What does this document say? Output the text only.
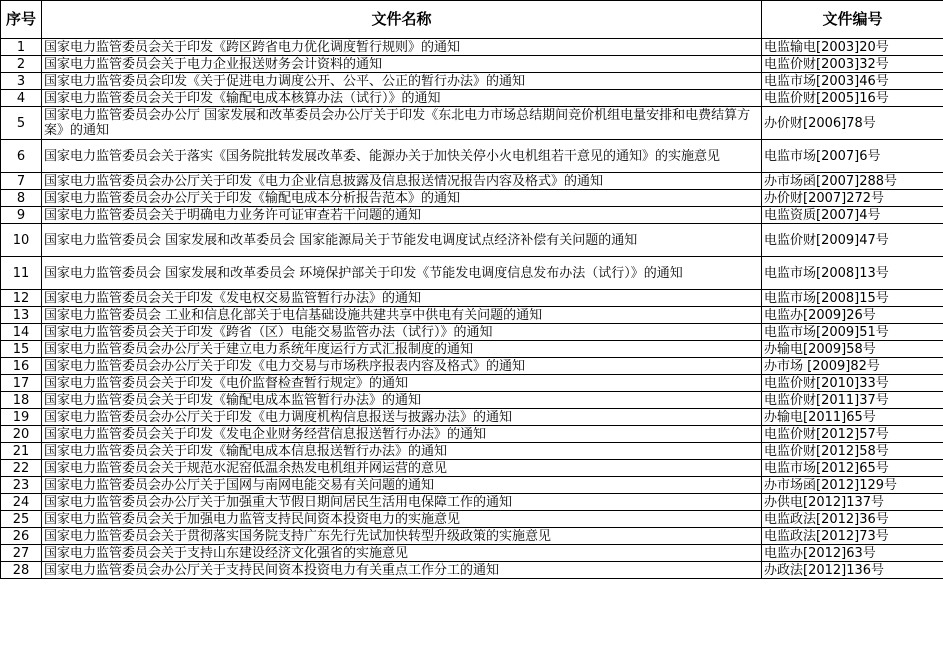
序号	文件名称	文件编号
1	国家电力监管委员会关于印发《跨区跨省电力优化调度暂行规则》的通知	电监输电[2003]20号
2	国家电力监管委员会关于电力企业报送财务会计资料的通知	电监价财[2003]32号
3	国家电力监管委员会印发《关于促进电力调度公开、公平、公正的暂行办法》的通知	电监市场[2003]46号
4	国家电力监管委员会关于印发《输配电成本核算办法（试行）》的通知	电监价财[2005]16号
5	国家电力监管委员会办公厅 国家发展和改革委员会办公厅关于印发《东北电力市场总结期间竞价机组电量安排和电费结算方案》的通知	办价财[2006]78号
6	国家电力监管委员会关于落实《国务院批转发展改革委、能源办关于加快关停小火电机组若干意见的通知》的实施意见	电监市场[2007]6号
7	国家电力监管委员会办公厅关于印发《电力企业信息披露及信息报送情况报告内容及格式》的通知	办市场函[2007]288号
8	国家电力监管委员会办公厅关于印发《输配电成本分析报告范本》的通知	办价财[2007]272号
9	国家电力监管委员会关于明确电力业务许可证审查若干问题的通知	电监资质[2007]4号
10	国家电力监管委员会 国家发展和改革委员会 国家能源局关于节能发电调度试点经济补偿有关问题的通知	电监价财[2009]47号
11	国家电力监管委员会 国家发展和改革委员会 环境保护部关于印发《节能发电调度信息发布办法（试行）》的通知	电监市场[2008]13号
12	国家电力监管委员会关于印发《发电权交易监管暂行办法》的通知	电监市场[2008]15号
13	国家电力监管委员会 工业和信息化部关于电信基础设施共建共享中供电有关问题的通知	电监办[2009]26号
14	国家电力监管委员会关于印发《跨省（区）电能交易监管办法（试行）》的通知	电监市场[2009]51号
15	国家电力监管委员会办公厅关于建立电力系统年度运行方式汇报制度的通知	办输电[2009]58号
16	国家电力监管委员会办公厅关于印发《电力交易与市场秩序报表内容及格式》的通知	办市场 [2009]82号
17	国家电力监管委员会关于印发《电价监督检查暂行规定》的通知	电监价财[2010]33号
18	国家电力监管委员会关于印发《输配电成本监管暂行办法》的通知	电监价财[2011]37号
19	国家电力监管委员会办公厅关于印发《电力调度机构信息报送与披露办法》的通知	办输电[2011]65号
20	国家电力监管委员会关于印发《发电企业财务经营信息报送暂行办法》的通知	电监价财[2012]57号
21	国家电力监管委员会关于印发《输配电成本信息报送暂行办法》的通知	电监价财[2012]58号
22	国家电力监管委员会关于规范水泥窑低温余热发电机组并网运营的意见	电监市场[2012]65号
23	国家电力监管委员会办公厅关于国网与南网电能交易有关问题的通知	办市场函[2012]129号
24	国家电力监管委员会办公厅关于加强重大节假日期间居民生活用电保障工作的通知	办供电[2012]137号
25	国家电力监管委员会关于加强电力监管支持民间资本投资电力的实施意见	电监政法[2012]36号
26	国家电力监管委员会关于贯彻落实国务院支持广东先行先试加快转型升级政策的实施意见	电监政法[2012]73号
27	国家电力监管委员会关于支持山东建设经济文化强省的实施意见	电监办[2012]63号
28	国家电力监管委员会办公厅关于支持民间资本投资电力有关重点工作分工的通知	办政法[2012]136号
